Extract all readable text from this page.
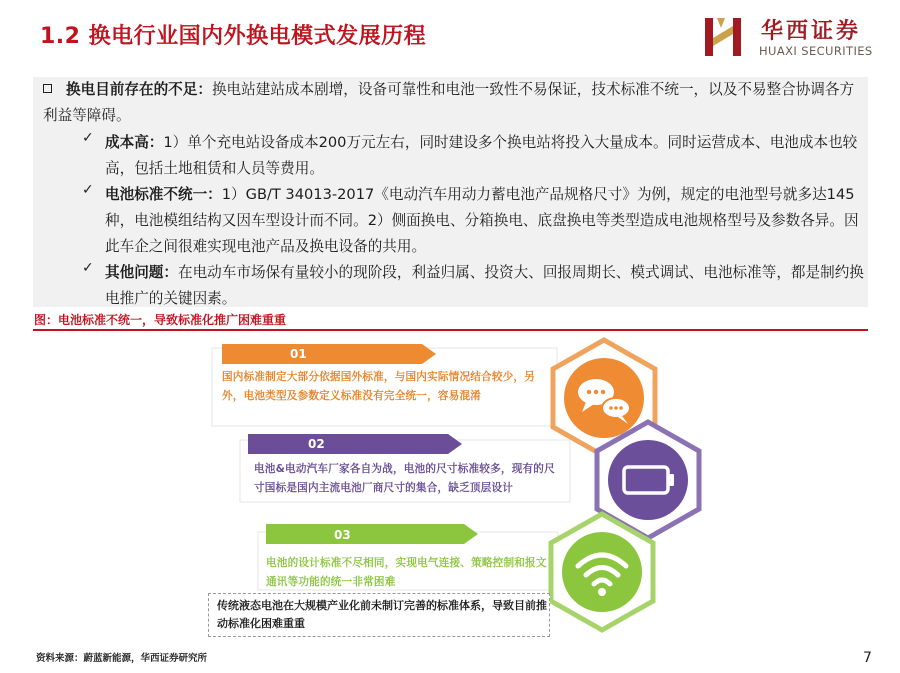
1.2 换电行业国内外换电模式发展历程	华西证券
HUAXI SECURITIES
换电目前存在的不足：换电站建站成本剧增，设备可靠性和电池一致性不易保证，技术标准不统一，以及不易整合协调各方利益等障碍。
✓ 成本高：1）单个充电站设备成本200万元左右，同时建设多个换电站将投入大量成本。同时运营成本、电池成本也较高，包括土地租赁和人员等费用。
✓ 电池标准不统一：1）GB/T 34013-2017《电动汽车用动力蓄电池产品规格尺寸》为例，规定的电池型号就多达145种，电池模组结构又因车型设计而不同。2）侧面换电、分箱换电、底盘换电等类型造成电池规格型号及参数各异。因此车企之间很难实现电池产品及换电设备的共用。
✓ 其他问题：在电动车市场保有量较小的现阶段，利益归属、投资大、回报周期长、模式调试、电池标准等，都是制约换电推广的关键因素。
图：电池标准不统一，导致标准化推广困难重重
01
02
03
国内标准制定大部分依据国外标准，与国内实际情况结合较少，另外，电池类型及参数定义标准没有完全统一，容易混淆
电池&电动汽车厂家各自为战，电池的尺寸标准较多，现有的尺寸国标是国内主流电池厂商尺寸的集合，缺乏顶层设计
电池的设计标准不尽相同，实现电气连接、策略控制和报文通讯等功能的统一非常困难
传统液态电池在大规模产业化前未制订完善的标准体系，导致目前推动标准化困难重重
资料来源：蔚蓝新能源，华西证券研究所	7
